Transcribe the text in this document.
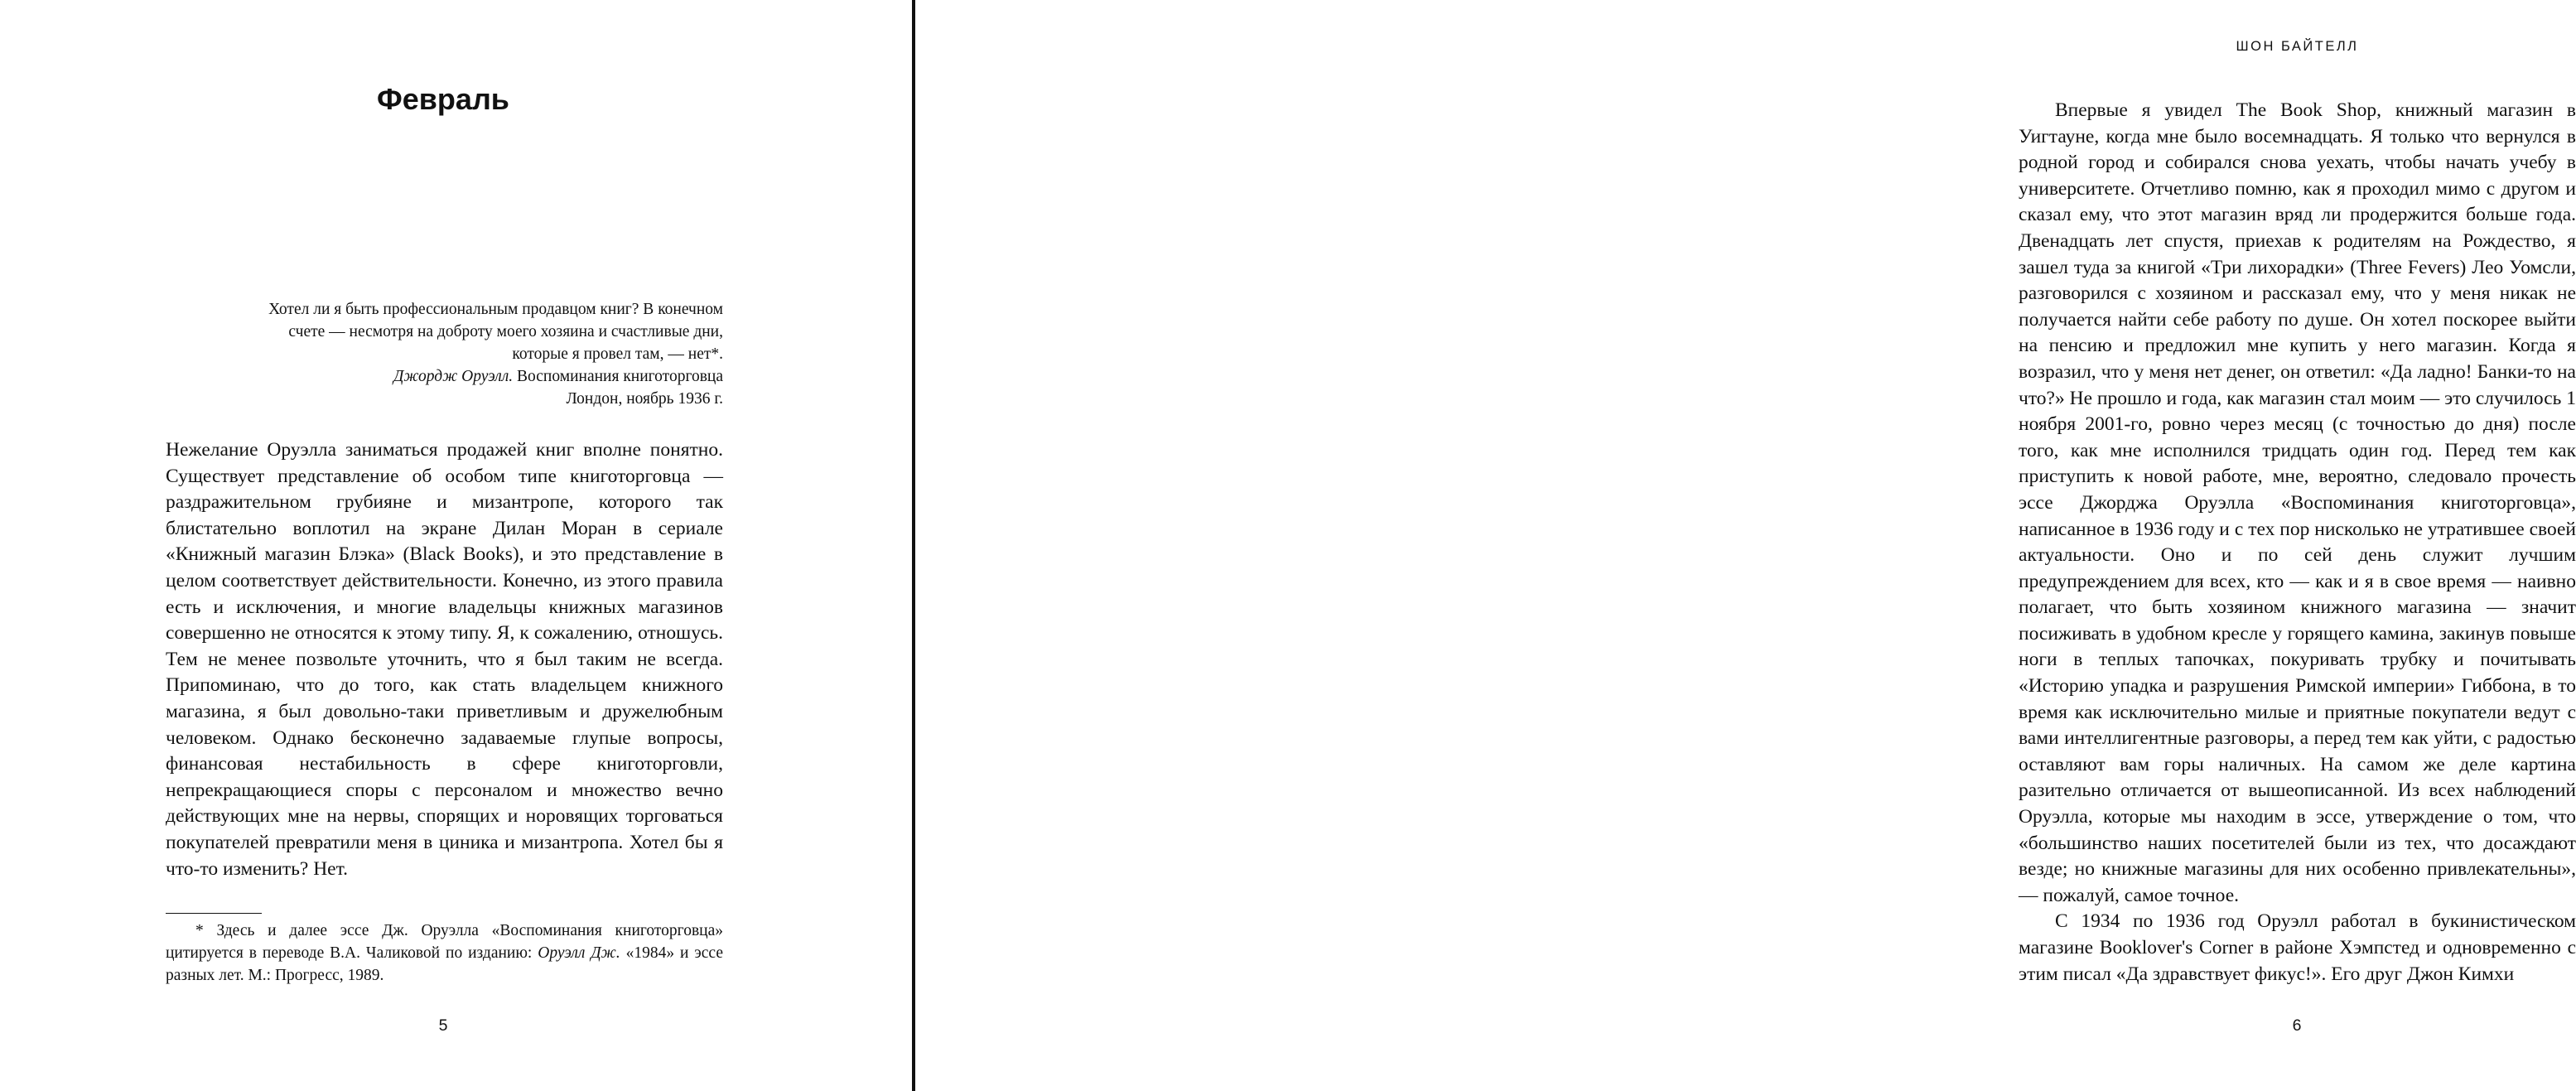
Февраль

Хотел ли я быть профессиональным продавцом книг? В конечном счете — несмотря на доброту моего хозяина и счастливые дни, которые я провел там, — нет*.

Джордж Оруэлл. Воспоминания книготорговца

Лондон, ноябрь 1936 г.

Нежелание Оруэлла заниматься продажей книг вполне понятно. Существует представление об особом типе книготорговца — раздражительном грубияне и мизантропе, которого так блистательно воплотил на экране Дилан Моран в сериале «Книжный магазин Блэка» (Black Books), и это представление в целом соответствует действительности. Конечно, из этого правила есть и исключения, и многие владельцы книжных магазинов совершенно не относятся к этому типу. Я, к сожалению, отношусь. Тем не менее позвольте уточнить, что я был таким не всегда. Припоминаю, что до того, как стать владельцем книжного магазина, я был довольно-таки приветливым и дружелюбным человеком. Однако бесконечно задаваемые глупые вопросы, финансовая нестабильность в сфере книготорговли, непрекращающиеся споры с персоналом и множество вечно действующих мне на нервы, спорящих и норовящих торговаться покупателей превратили меня в циника и мизантропа. Хотел бы я что-то изменить? Нет.

* Здесь и далее эссе Дж. Оруэлла «Воспоминания книготорговца» цитируется в переводе В.А. Чаликовой по изданию: Оруэлл Дж. «1984» и эссе разных лет. М.: Прогресс, 1989.

5
ШОН БАЙТЕЛЛ

Впервые я увидел The Book Shop, книжный магазин в Уигтауне, когда мне было восемнадцать. Я только что вернулся в родной город и собирался снова уехать, чтобы начать учебу в университете. Отчетливо помню, как я проходил мимо с другом и сказал ему, что этот магазин вряд ли продержится больше года. Двенадцать лет спустя, приехав к родителям на Рождество, я зашел туда за книгой «Три лихорадки» (Three Fevers) Лео Уомсли, разговорился с хозяином и рассказал ему, что у меня никак не получается найти себе работу по душе. Он хотел поскорее выйти на пенсию и предложил мне купить у него магазин. Когда я возразил, что у меня нет денег, он ответил: «Да ладно! Банки-то на что?» Не прошло и года, как магазин стал моим — это случилось 1 ноября 2001-го, ровно через месяц (с точностью до дня) после того, как мне исполнился тридцать один год. Перед тем как приступить к новой работе, мне, вероятно, следовало прочесть эссе Джорджа Оруэлла «Воспоминания книготорговца», написанное в 1936 году и с тех пор нисколько не утратившее своей актуальности. Оно и по сей день служит лучшим предупреждением для всех, кто — как и я в свое время — наивно полагает, что быть хозяином книжного магазина — значит посиживать в удобном кресле у горящего камина, закинув повыше ноги в теплых тапочках, покуривать трубку и почитывать «Историю упадка и разрушения Римской империи» Гиббона, в то время как исключительно милые и приятные покупатели ведут с вами интеллигентные разговоры, а перед тем как уйти, с радостью оставляют вам горы наличных. На самом же деле картина разительно отличается от вышеописанной. Из всех наблюдений Оруэлла, которые мы находим в эссе, утверждение о том, что «большинство наших посетителей были из тех, что досаждают везде; но книжные магазины для них особенно привлекательны», — пожалуй, самое точное.

С 1934 по 1936 год Оруэлл работал в букинистическом магазине Booklover's Corner в районе Хэмпстед и одновременно с этим писал «Да здравствует фикус!». Его друг Джон Кимхи

6
